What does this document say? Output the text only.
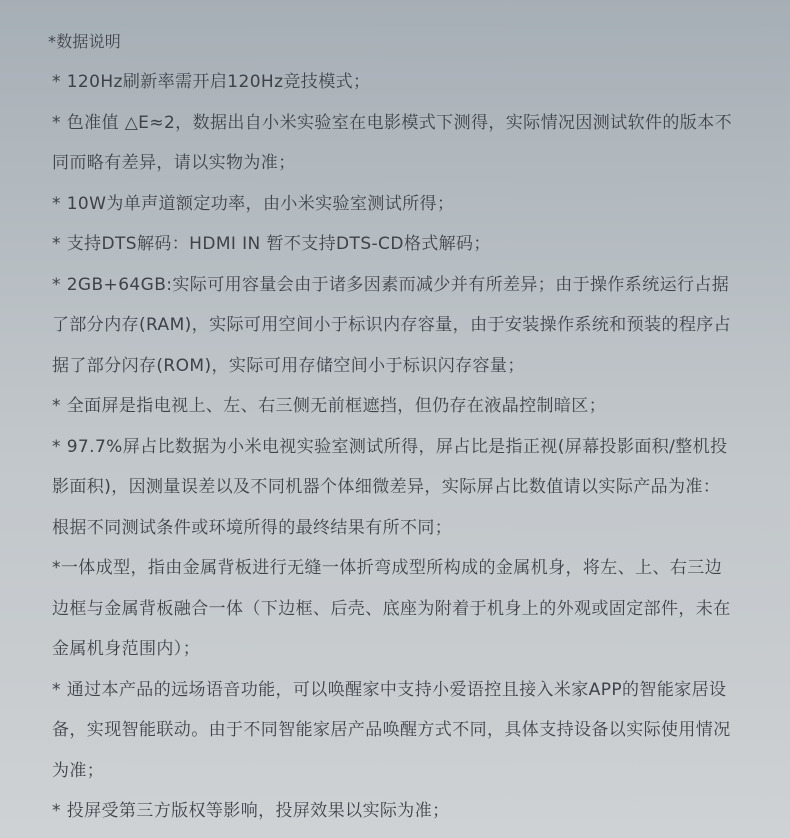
*数据说明
* 120Hz刷新率需开启120Hz竞技模式；
* 色准值 △E≈2，数据出自小米实验室在电影模式下测得，实际情况因测试软件的版本不同而略有差异，请以实物为准；
* 10W为单声道额定功率，由小米实验室测试所得；
* 支持DTS解码：HDMI IN 暂不支持DTS-CD格式解码；
* 2GB+64GB:实际可用容量会由于诸多因素而减少并有所差异；由于操作系统运行占据了部分内存(RAM)，实际可用空间小于标识内存容量，由于安装操作系统和预装的程序占据了部分闪存(ROM)，实际可用存储空间小于标识闪存容量；
* 全面屏是指电视上、左、右三侧无前框遮挡，但仍存在液晶控制暗区；
* 97.7%屏占比数据为小米电视实验室测试所得，屏占比是指正视(屏幕投影面积/整机投影面积)，因测量误差以及不同机器个体细微差异，实际屏占比数值请以实际产品为准：根据不同测试条件或环境所得的最终结果有所不同；
*一体成型，指由金属背板进行无缝一体折弯成型所构成的金属机身，将左、上、右三边边框与金属背板融合一体（下边框、后壳、底座为附着于机身上的外观或固定部件，未在金属机身范围内）；
* 通过本产品的远场语音功能，可以唤醒家中支持小爱语控且接入米家APP的智能家居设备，实现智能联动。由于不同智能家居产品唤醒方式不同，具体支持设备以实际使用情况为准；
* 投屏受第三方版权等影响，投屏效果以实际为准；
